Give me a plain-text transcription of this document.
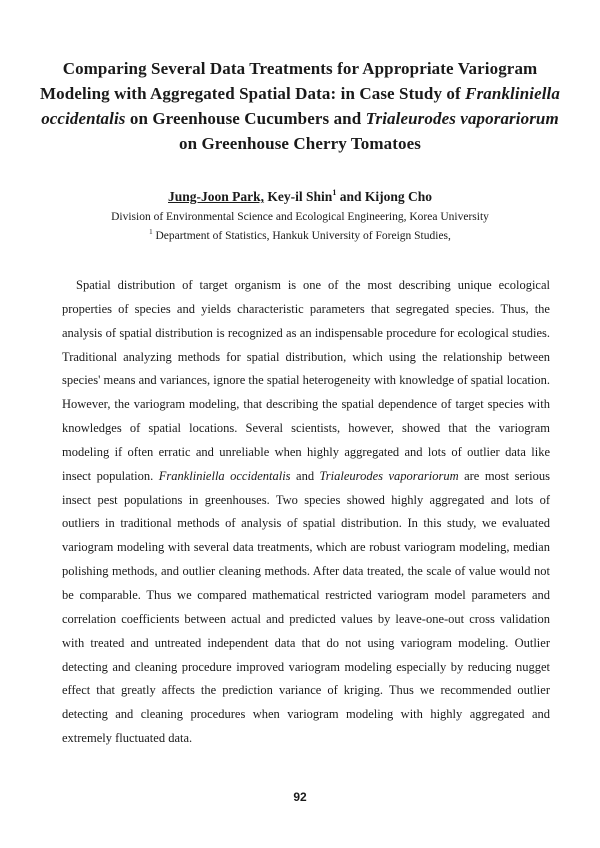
Comparing Several Data Treatments for Appropriate Variogram Modeling with Aggregated Spatial Data: in Case Study of Frankliniella occidentalis on Greenhouse Cucumbers and Trialeurodes vaporariorum on Greenhouse Cherry Tomatoes
Jung-Joon Park, Key-il Shin$^1$ and Kijong Cho
Division of Environmental Science and Ecological Engineering, Korea University
$^1$ Department of Statistics, Hankuk University of Foreign Studies,

Spatial distribution of target organism is one of the most describing unique ecological properties of species and yields characteristic parameters that segregated species. Thus, the analysis of spatial distribution is recognized as an indispensable procedure for ecological studies. Traditional analyzing methods for spatial distribution, which using the relationship between species' means and variances, ignore the spatial heterogeneity with knowledge of spatial location. However, the variogram modeling, that describing the spatial dependence of target species with knowledges of spatial locations. Several scientists, however, showed that the variogram modeling if often erratic and unreliable when highly aggregated and lots of outlier data like insect population. Frankliniella occidentalis and Trialeurodes vaporariorum are most serious insect pest populations in greenhouses. Two species showed highly aggregated and lots of outliers in traditional methods of analysis of spatial distribution. In this study, we evaluated variogram modeling with several data treatments, which are robust variogram modeling, median polishing methods, and outlier cleaning methods. After data treated, the scale of value would not be comparable. Thus we compared mathematical restricted variogram model parameters and correlation coefficients between actual and predicted values by leave-one-out cross validation with treated and untreated independent data that do not using variogram modeling. Outlier detecting and cleaning procedure improved variogram modeling especially by reducing nugget effect that greatly affects the prediction variance of kriging. Thus we recommended outlier detecting and cleaning procedures when variogram modeling with highly aggregated and extremely fluctuated data.

92
